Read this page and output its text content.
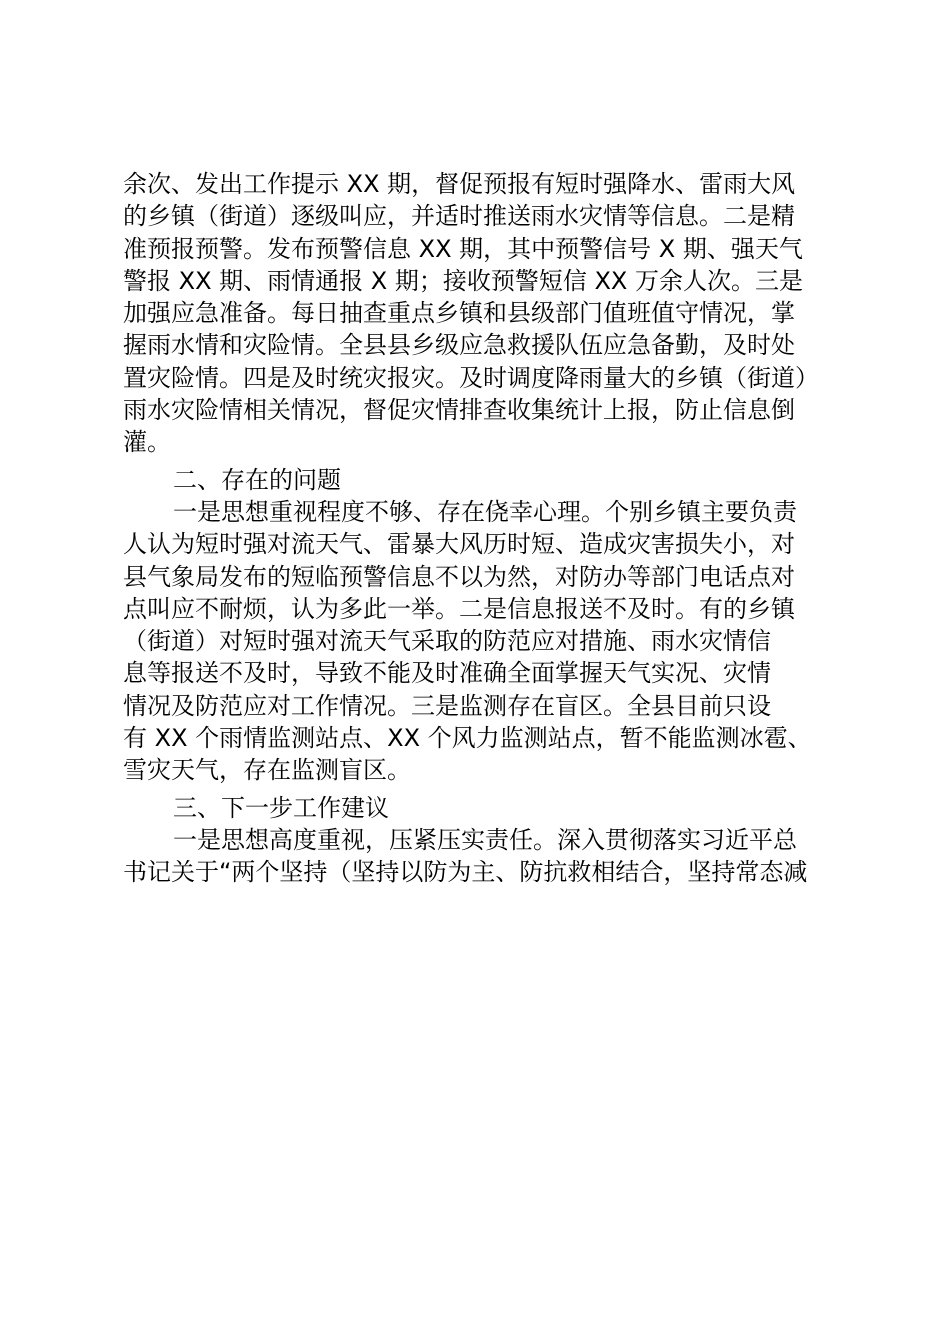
余次、发出工作提示 XX 期，督促预报有短时强降水、雷雨大风
的乡镇（街道）逐级叫应，并适时推送雨水灾情等信息。二是精
准预报预警。发布预警信息 XX 期，其中预警信号 X 期、强天气
警报 XX 期、雨情通报 X 期；接收预警短信 XX 万余人次。三是
加强应急准备。每日抽查重点乡镇和县级部门值班值守情况，掌
握雨水情和灾险情。全县县乡级应急救援队伍应急备勤，及时处
置灾险情。四是及时统灾报灾。及时调度降雨量大的乡镇（街道）
雨水灾险情相关情况，督促灾情排查收集统计上报，防止信息倒
灌。
二、存在的问题
一是思想重视程度不够、存在侥幸心理。个别乡镇主要负责
人认为短时强对流天气、雷暴大风历时短、造成灾害损失小，对
县气象局发布的短临预警信息不以为然，对防办等部门电话点对
点叫应不耐烦，认为多此一举。二是信息报送不及时。有的乡镇
（街道）对短时强对流天气采取的防范应对措施、雨水灾情信
息等报送不及时，导致不能及时准确全面掌握天气实况、灾情
情况及防范应对工作情况。三是监测存在盲区。全县目前只设
有 XX 个雨情监测站点、XX 个风力监测站点，暂不能监测冰雹、
雪灾天气，存在监测盲区。
三、下一步工作建议
一是思想高度重视，压紧压实责任。深入贯彻落实习近平总
书记关于“两个坚持（坚持以防为主、防抗救相结合，坚持常态减
